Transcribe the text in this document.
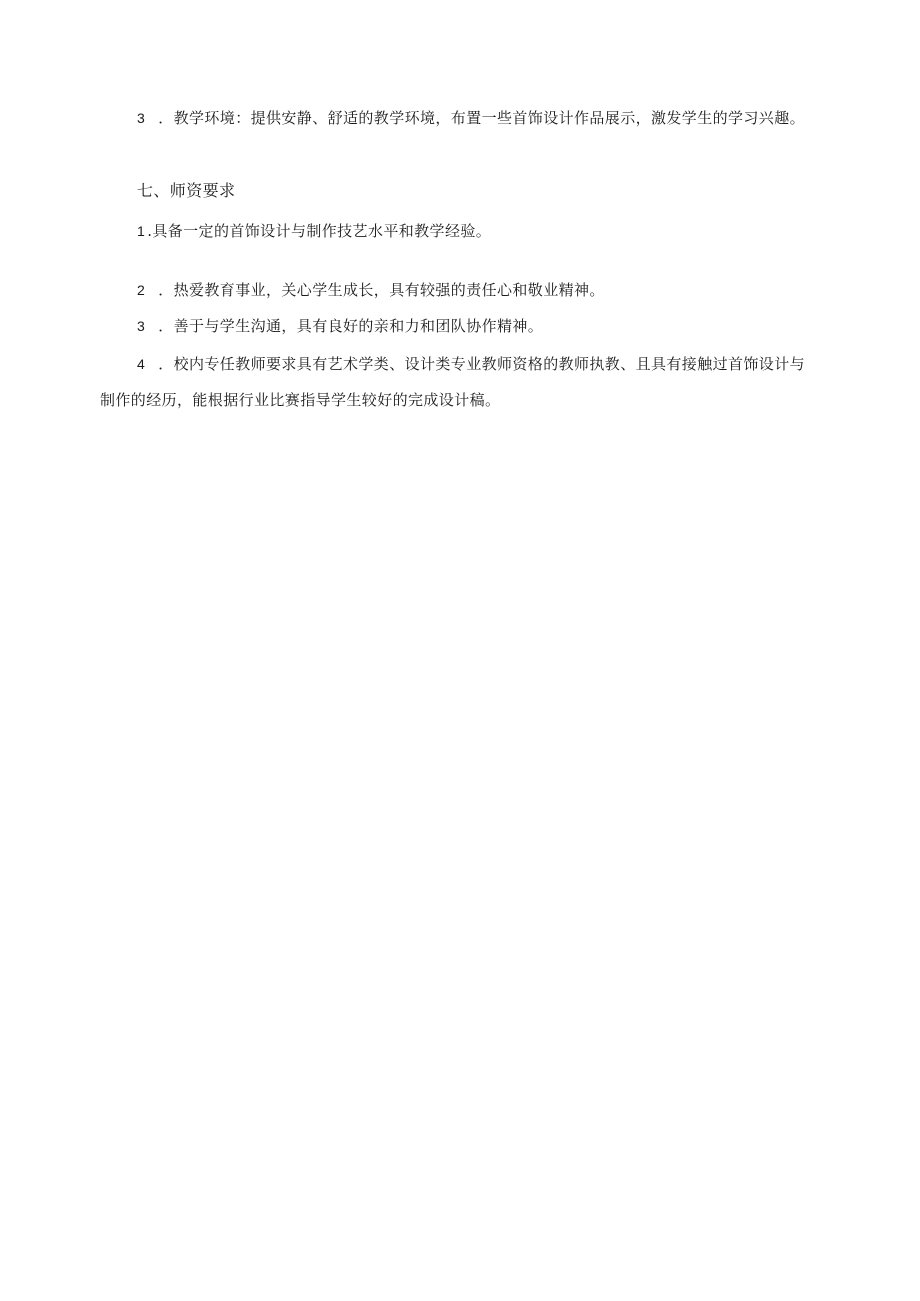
3 ．教学环境：提供安静、舒适的教学环境，布置一些首饰设计作品展示，激发学生的学习兴趣。
七、师资要求
1 .具备一定的首饰设计与制作技艺水平和教学经验。
2 ．热爱教育事业，关心学生成长，具有较强的责任心和敬业精神。
3 ．善于与学生沟通，具有良好的亲和力和团队协作精神。
4 ．校内专任教师要求具有艺术学类、设计类专业教师资格的教师执教、且具有接触过首饰设计与制作的经历，能根据行业比赛指导学生较好的完成设计稿。
